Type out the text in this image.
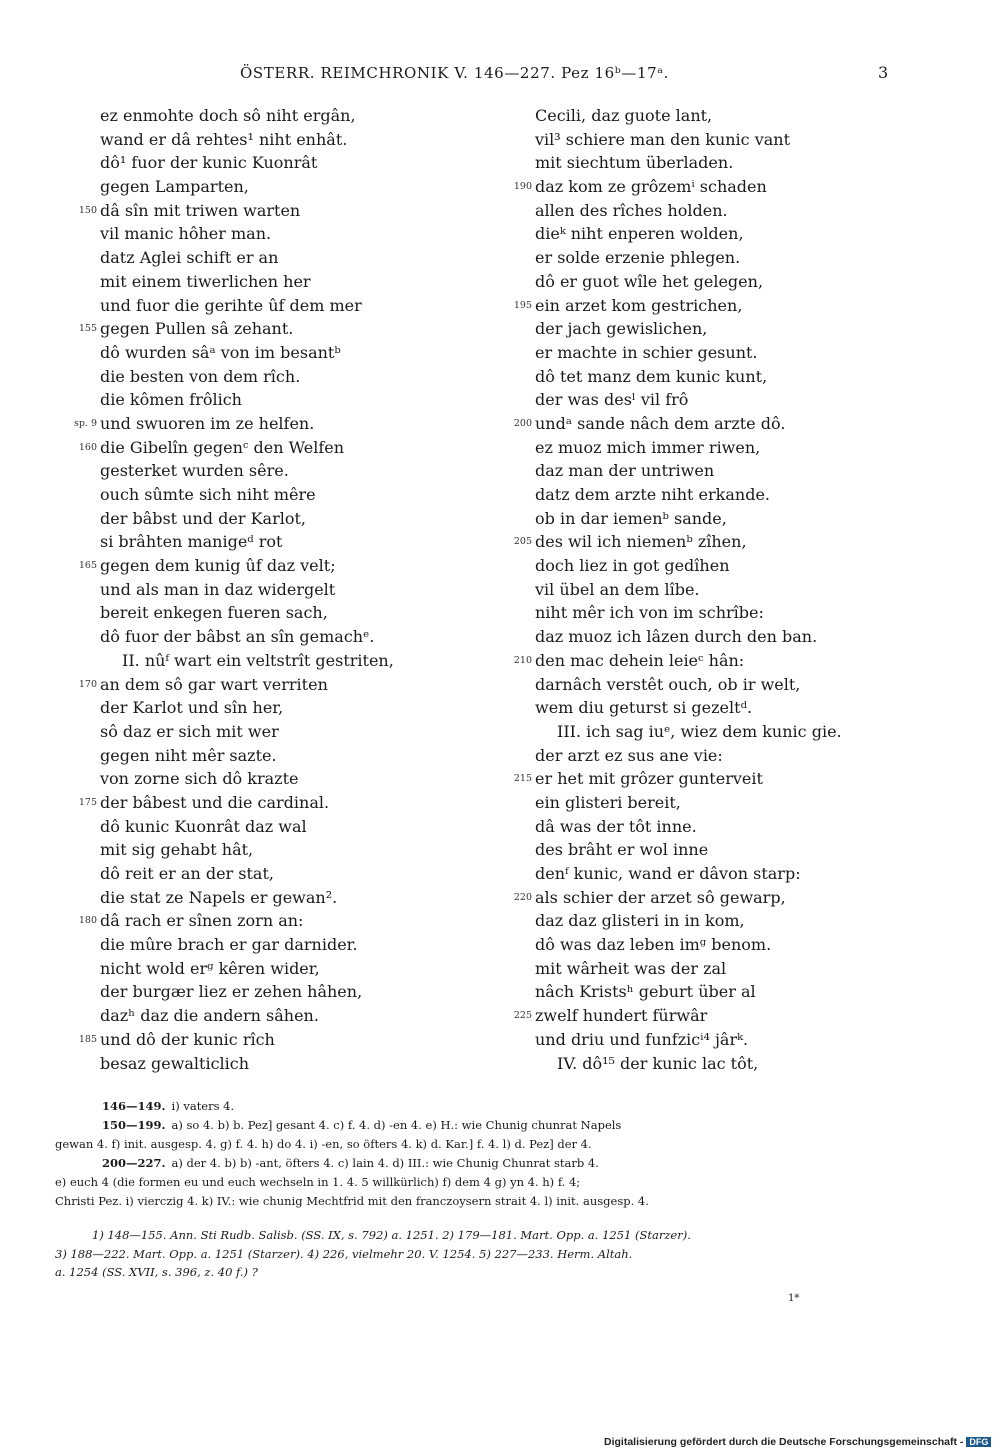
ÖSTERR. REIMCHRONIK V. 146—227. Pez 16ᵇ—17ᵃ.	3
ez enmohte doch sô niht ergân,
wand er dâ rehtes¹ niht enhât.
dô¹ fuor der kunic Kuonrât
gegen Lamparten,
150 dâ sîn mit triwen warten
vil manic hôher man.
datz Aglei schift er an
mit einem tiwerlichen her
und fuor die gerihte ûf dem mer
155 gegen Pullen sâ zehant.
dô wurden sâᵃ von im besantᵇ
die besten von dem rîch.
die kômen frôlich
sp. 9 und swuoren im ze helfen.
160 die Gibelîn gegenᶜ den Welfen
gesterket wurden sêre.
ouch sûmte sich niht mêre
der bâbst und der Karlot,
si brâhten manigeᵈ rot
165 gegen dem kunig ûf daz velt;
und als man in daz widergelt
bereit enkegen fueren sach,
dô fuor der bâbst an sîn gemachᵉ.
II. nûᶠ wart ein veltstrît gestriten,
170 an dem sô gar wart verriten
der Karlot und sîn her,
sô daz er sich mit wer
gegen niht mêr sazte.
von zorne sich dô krazte
175 der bâbest und die cardinal.
dô kunic Kuonrât daz wal
mit sig gehabt hât,
dô reit er an der stat,
die stat ze Napels er gewan².
180 dâ rach er sînen zorn an:
die mûre brach er gar darnider.
nicht wold erᵍ kêren wider,
der burgær liez er zehen hâhen,
dazʰ daz die andern sâhen.
185 und dô der kunic rîch
besaz gewalticlich
Cecili, daz guote lant,
vil³ schiere man den kunic vant
mit siechtum überladen.
190 daz kom ze grôzemⁱ schaden
allen des rîches holden.
dieᵏ niht enperen wolden,
er solde erzenie phlegen.
dô er guot wîle het gelegen,
195 ein arzet kom gestrichen,
der jach gewislichen,
er machte in schier gesunt.
dô tet manz dem kunic kunt,
der was desˡ vil frô
200 undᵃ sande nâch dem arzte dô.
ez muoz mich immer riwen,
daz man der untriwen
datz dem arzte niht erkande.
ob in dar iemenᵇ sande,
205 des wil ich niemenᵇ zîhen,
doch liez in got gedîhen
vil übel an dem lîbe.
niht mêr ich von im schrîbe:
daz muoz ich lâzen durch den ban.
210 den mac dehein leieᶜ hân:
darnâch verstêt ouch, ob ir welt,
wem diu geturst si gezeltᵈ.
III. ich sag iuᵉ, wiez dem kunic gie.
der arzt ez sus ane vie:
215 er het mit grôzer gunterveit
ein glisteri bereit,
dâ was der tôt inne.
des brâht er wol inne
denᶠ kunic, wand er dâvon starp:
220 als schier der arzet sô gewarp,
daz daz glisteri in in kom,
dô was daz leben imᵍ benom.
mit wârheit was der zal
nâch Kristsʰ geburt über al
225 zwelf hundert fürwâr
und driu und funfzicⁱ⁴ jârᵏ.
IV. dô¹⁵ der kunic lac tôt,
146—149. i) vaters 4.
150—199. a) so 4. b) b. Pez] gesant 4. c) f. 4. d) -en 4. e) H.: wie Chunig chunrat Napels
gewan 4. f) init. ausgesp. 4. g) f. 4. h) do 4. i) -en, so öfters 4. k) d. Kar.] f. 4. l) d. Pez] der 4.
200—227. a) der 4. b) b) -ant, öfters 4. c) lain 4. d) III.: wie Chunig Chunrat starb 4.
e) euch 4 (die formen eu und euch wechseln in 1. 4. 5 willkürlich) f) dem 4 g) yn 4. h) f. 4;
Christi Pez. i) vierczig 4. k) IV.: wie chunig Mechtfrid mit den franczoysern strait 4. l) init. ausgesp. 4.
1) 148—155. Ann. Sti Rudb. Salisb. (SS. IX, s. 792) a. 1251. 2) 179—181. Mart. Opp. a. 1251 (Starzer).
3) 188—222. Mart. Opp. a. 1251 (Starzer). 4) 226, vielmehr 20. V. 1254. 5) 227—233. Herm. Altah.
a. 1254 (SS. XVII, s. 396, z. 40 f.) ?
1*
Digitalisierung gefördert durch die Deutsche Forschungsgemeinschaft - DFG
